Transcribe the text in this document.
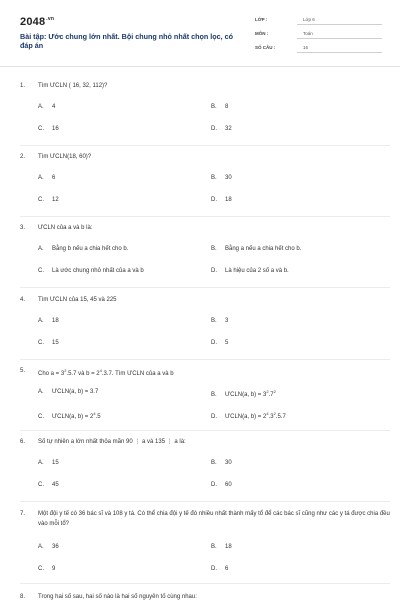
$2048^{.vn}$
Bài tập: Ước chung lớn nhất. Bội chung nhỏ nhất chọn lọc, có đáp án
LỚP :	Lớp 6
MÔN :	Toán
SỐ CÂU :	16
1. Tìm ƯCLN ( 16, 32, 112)?
A. 4	B. 8
C. 16	D. 32
2. Tìm ƯCLN(18, 60)?
A. 6	B. 30
C. 12	D. 18
3. ƯCLN của a và b là:
A. Bằng b nếu a chia hết cho b.	B. Bằng a nếu a chia hết cho b.
C. Là ước chung nhỏ nhất của a và b	D. Là hiệu của 2 số a và b.
4. Tìm ƯCLN của 15, 45 và 225
A. 18	B. 3
C. 15	D. 5
5. Cho $a = 3^2.5.7$ và $b = 2^4.3.7$. Tìm ƯCLN của a và b
A. ƯCLN(a, b) = 3.7	B. ƯCLN(a, $b) = 3^2.7^2$
C. ƯCLN(a, $b) = 2^4.5$	D. ƯCLN(a, $b) = 2^4.3^2.5.7$
6. Số tự nhiên a lớn nhất thỏa mãn 90 ⋮ a và 135 ⋮ a là:
A. 15	B. 30
C. 45	D. 60
7. Một đội y tế có 36 bác sĩ và 108 y tá. Có thể chia đội y tế đó nhiều nhất thành mấy tổ để các bác sĩ cũng như các y tá được chia đều vào mỗi tổ?
A. 36	B. 18
C. 9	D. 6
8. Trong hai số sau, hai số nào là hai số nguyên tố cùng nhau:
